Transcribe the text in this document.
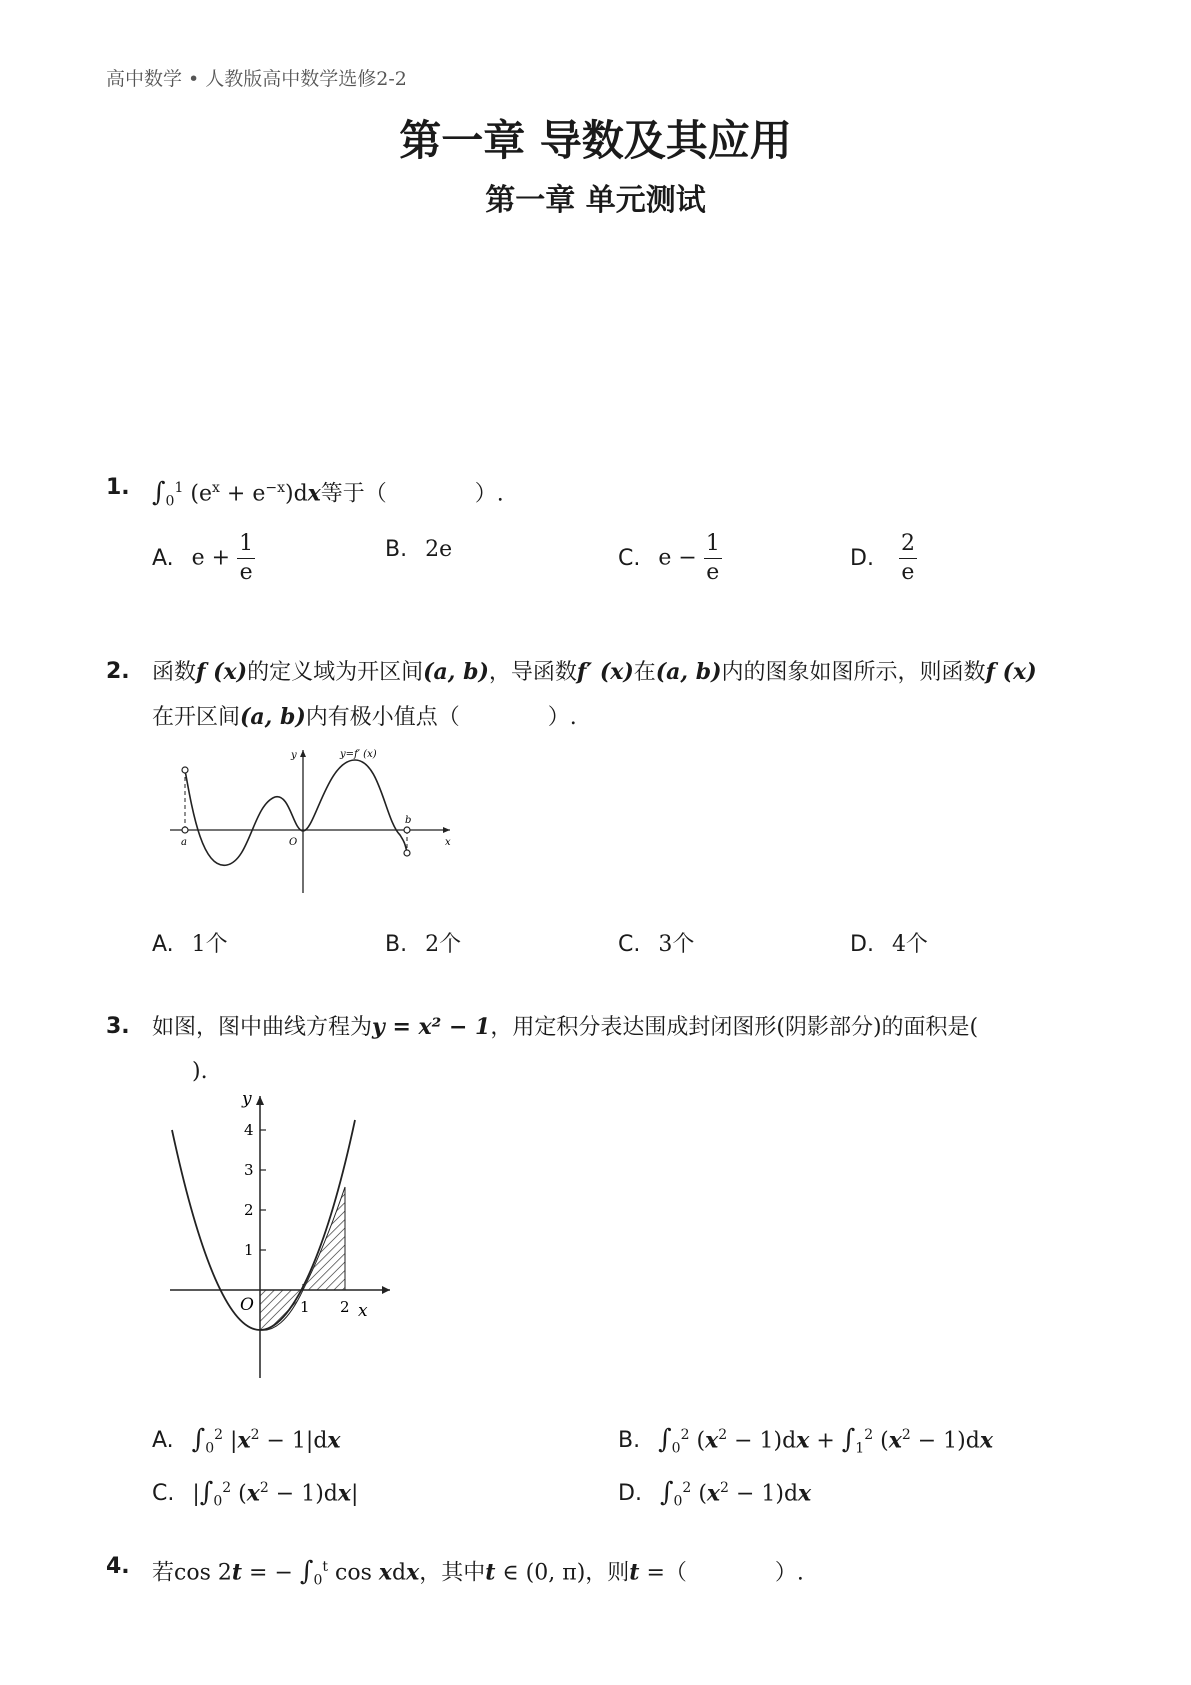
高中数学 • 人教版高中数学选修2-2
第一章 导数及其应用
第一章 单元测试
1. $\int_0^1$ $(e^x + e^{-x})dx$等于（　　　　）.
A. $e + \frac{1}{e}$	B. 2e	C. $e - \frac{1}{e}$	D. $\frac{2}{e}$
2. 函数f (x)的定义域为开区间(a, b)，导函数f′ (x)在(a, b)内的图象如图所示，则函数f (x)
在开区间(a, b)内有极小值点（　　　　）.
y	y=f′ (x)
a	O
b
x
A. 1个	B. 2个	C. 3个	D. 4个
3. 如图，图中曲线方程为y = x² − 1，用定积分表达围成封闭图形(阴影部分)的面积是(
).
y
x
O
1
2
3
4
1 2
A. $\int_0^2$ $|x^2 - 1|dx$	B. $\int_0^2$ $(x^2 - 1)dx + \int_1^2$ $(x^2 - 1)dx$
C. $|\int_0^2$ $(x^2 - 1)dx|$	D. $\int_0^2$ $(x^2 - 1)dx$
4. 若cos 2t = − $\int_0^t$ cos xdx，其中t ∈ (0, π)，则t =（　　　　）.
